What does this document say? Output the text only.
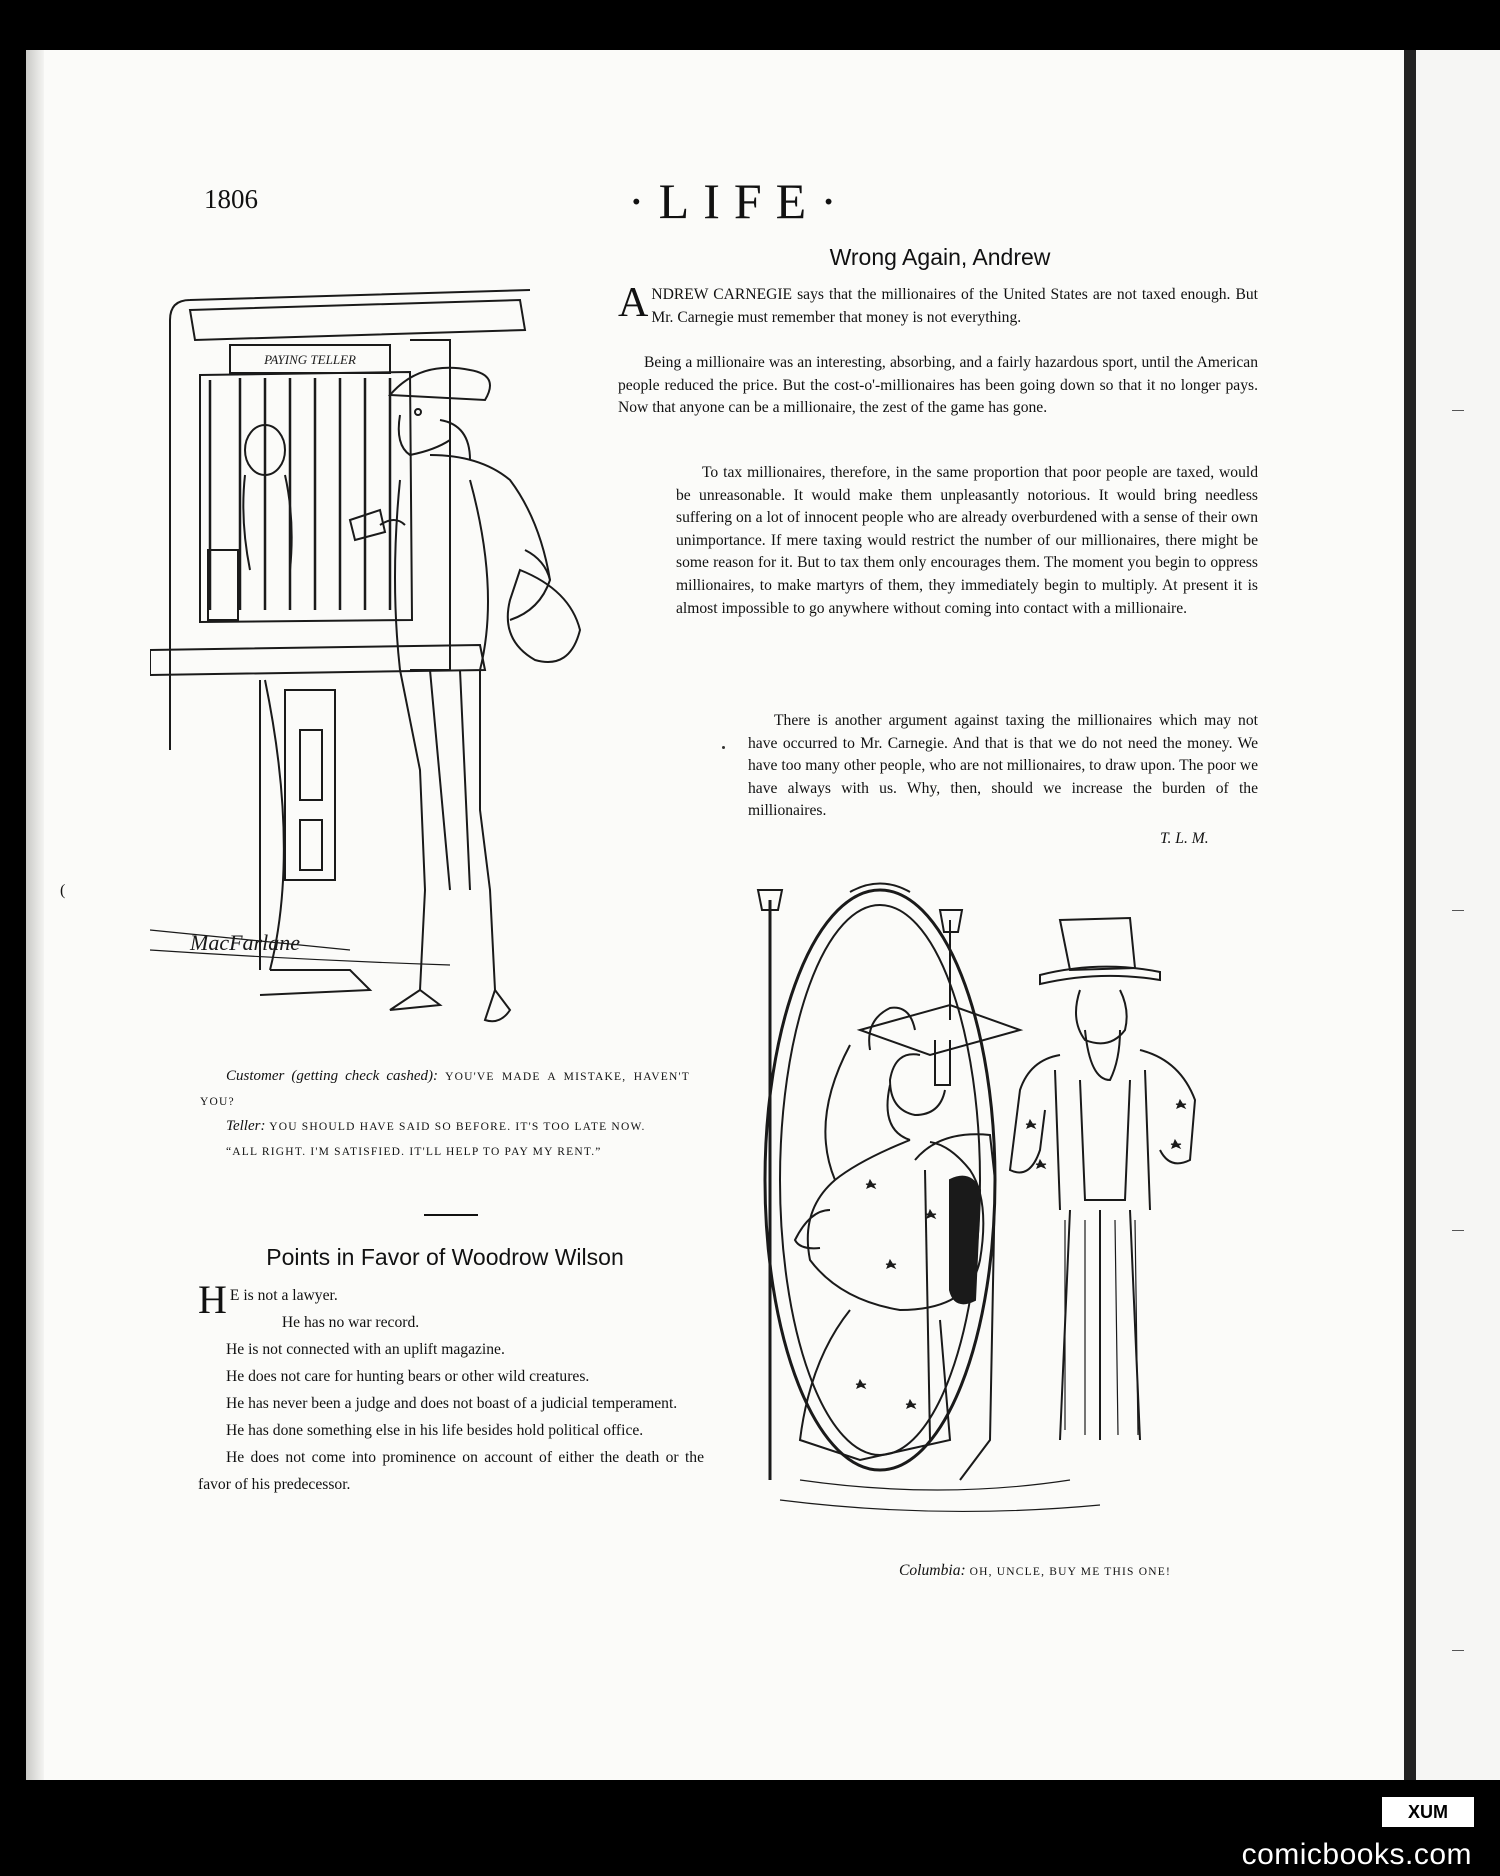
XUM
comicbooks.com
1806	·LIFE·
Wrong Again, Andrew
ANDREW CARNEGIE says that the millionaires of the United States are not taxed enough. But Mr. Carnegie must remember that money is not everything.
Being a millionaire was an interesting, absorbing, and a fairly hazardous sport, until the American people reduced the price. But the cost-o'-millionaires has been going down so that it no longer pays. Now that anyone can be a millionaire, the zest of the game has gone.
To tax millionaires, therefore, in the same proportion that poor people are taxed, would be unreasonable. It would make them unpleasantly notorious. It would bring needless suffering on a lot of innocent people who are already overburdened with a sense of their own unimportance. If mere taxing would restrict the number of our millionaires, there might be some reason for it. But to tax them only encourages them. The moment you begin to oppress millionaires, to make martyrs of them, they immediately begin to multiply. At present it is almost impossible to go anywhere without coming into contact with a millionaire.
There is another argument against taxing the millionaires which may not have occurred to Mr. Carnegie. And that is that we do not need the money. We have too many other people, who are not millionaires, to draw upon. The poor we have always with us. Why, then, should we increase the burden of the millionaires.
T. L. M.
PAYING TELLER
MacFarlane
Customer (getting check cashed): YOU'VE MADE A MISTAKE, HAVEN'T YOU?
Teller: YOU SHOULD HAVE SAID SO BEFORE. IT'S TOO LATE NOW.
“ALL RIGHT. I'M SATISFIED. IT'LL HELP TO PAY MY RENT.”
Points in Favor of Woodrow Wilson
H E is not a lawyer.
He has no war record.
He is not connected with an uplift magazine.
He does not care for hunting bears or other wild creatures.
He has never been a judge and does not boast of a judicial temperament.
He has done something else in his life besides hold political office.
He does not come into prominence on account of either the death or the favor of his predecessor.
Columbia: OH, UNCLE, BUY ME THIS ONE!
(
